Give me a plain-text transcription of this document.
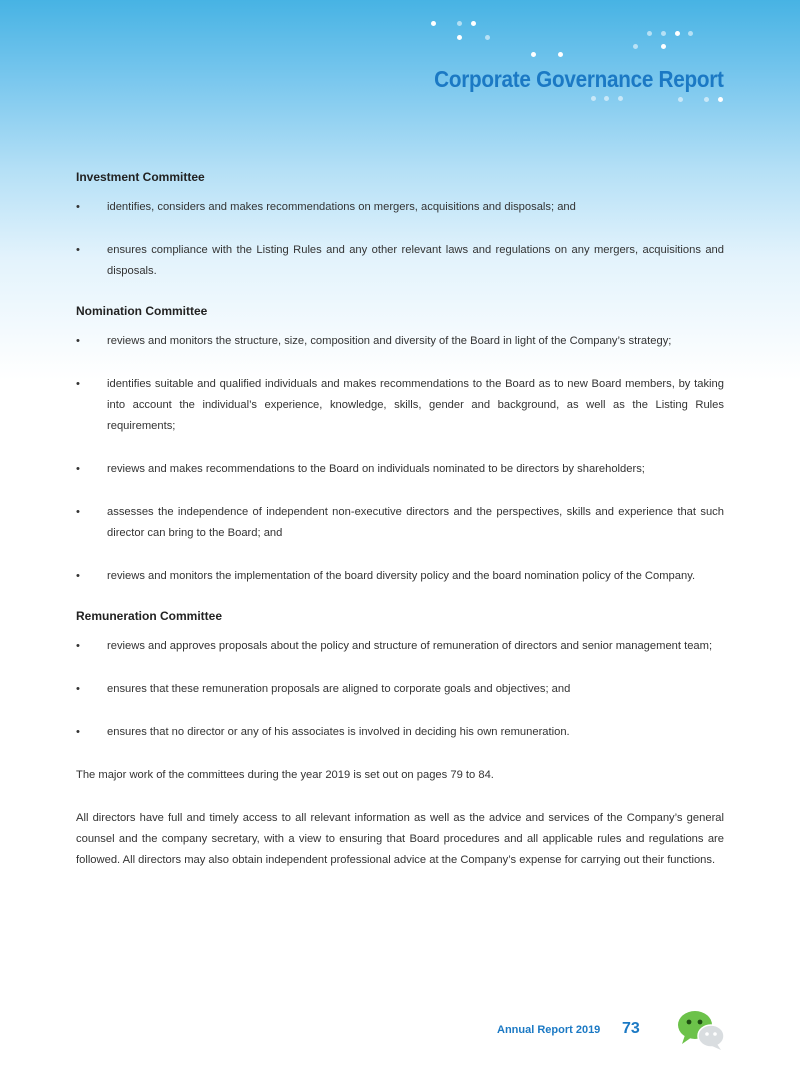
Corporate Governance Report
Investment Committee
• identifies, considers and makes recommendations on mergers, acquisitions and disposals; and
• ensures compliance with the Listing Rules and any other relevant laws and regulations on any mergers, acquisitions and disposals.
Nomination Committee
• reviews and monitors the structure, size, composition and diversity of the Board in light of the Company’s strategy;
• identifies suitable and qualified individuals and makes recommendations to the Board as to new Board members, by taking into account the individual’s experience, knowledge, skills, gender and background, as well as the Listing Rules requirements;
• reviews and makes recommendations to the Board on individuals nominated to be directors by shareholders;
• assesses the independence of independent non-executive directors and the perspectives, skills and experience that such director can bring to the Board; and
• reviews and monitors the implementation of the board diversity policy and the board nomination policy of the Company.
Remuneration Committee
• reviews and approves proposals about the policy and structure of remuneration of directors and senior management team;
• ensures that these remuneration proposals are aligned to corporate goals and objectives; and
• ensures that no director or any of his associates is involved in deciding his own remuneration.

The major work of the committees during the year 2019 is set out on pages 79 to 84.

All directors have full and timely access to all relevant information as well as the advice and services of the Company’s general counsel and the company secretary, with a view to ensuring that Board procedures and all applicable rules and regulations are followed. All directors may also obtain independent professional advice at the Company’s expense for carrying out their functions.

Annual Report 2019 73
